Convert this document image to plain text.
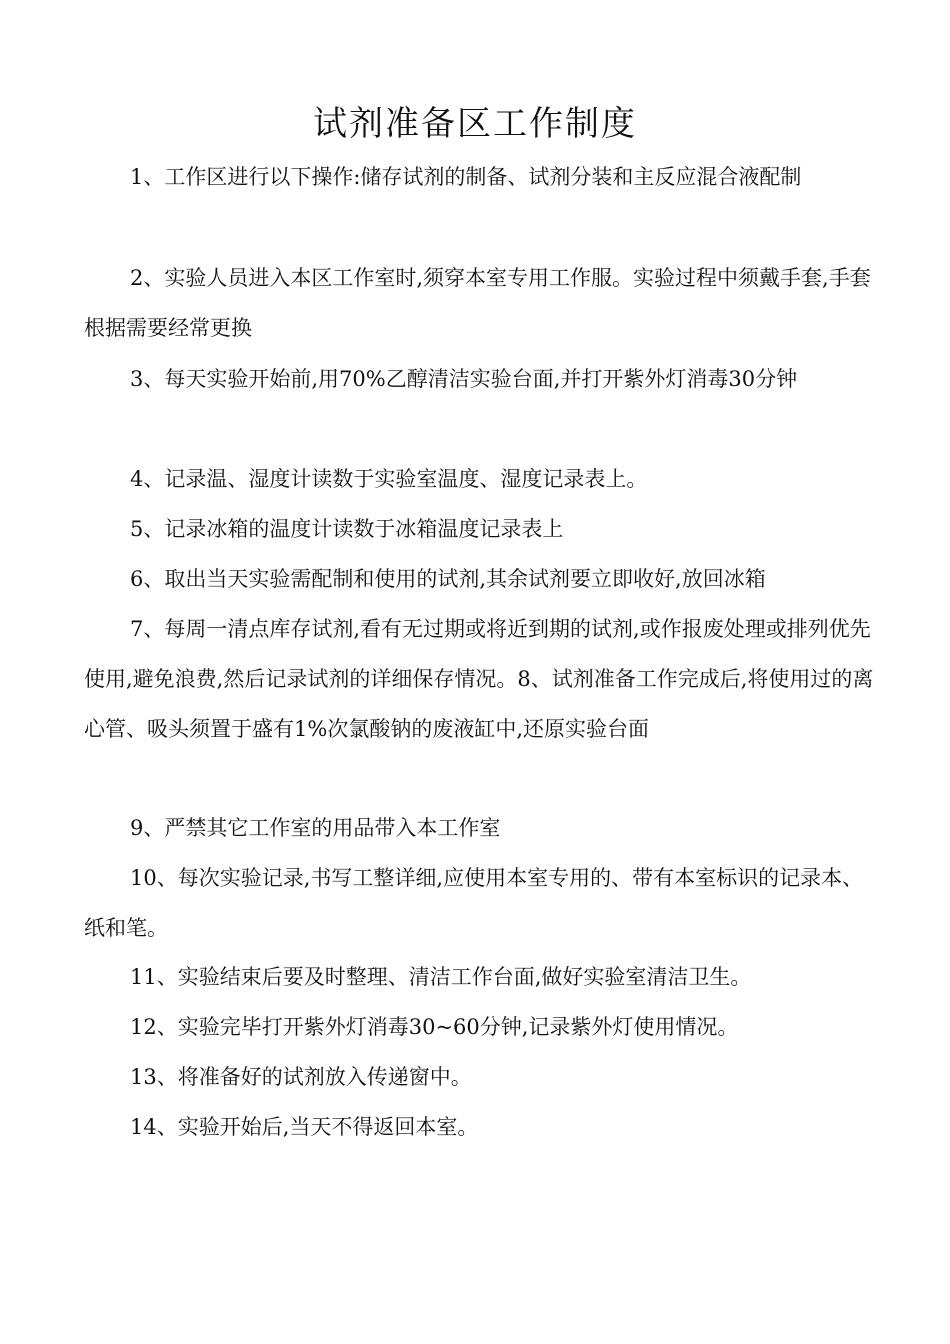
试剂准备区工作制度

1、工作区进行以下操作:储存试剂的制备、试剂分装和主反应混合液配制

2、实验人员进入本区工作室时,须穿本室专用工作服。实验过程中须戴手套,手套根据需要经常更换

3、每天实验开始前,用70%乙醇清洁实验台面,并打开紫外灯消毒30分钟

4、记录温、湿度计读数于实验室温度、湿度记录表上。

5、记录冰箱的温度计读数于冰箱温度记录表上

6、取出当天实验需配制和使用的试剂,其余试剂要立即收好,放回冰箱

7、每周一清点库存试剂,看有无过期或将近到期的试剂,或作报废处理或排列优先使用,避免浪费,然后记录试剂的详细保存情况。8、试剂准备工作完成后,将使用过的离心管、吸头须置于盛有1%次氯酸钠的废液缸中,还原实验台面

9、严禁其它工作室的用品带入本工作室

10、每次实验记录,书写工整详细,应使用本室专用的、带有本室标识的记录本、纸和笔。

11、实验结束后要及时整理、清洁工作台面,做好实验室清洁卫生。

12、实验完毕打开紫外灯消毒30~60分钟,记录紫外灯使用情况。

13、将准备好的试剂放入传递窗中。

14、实验开始后,当天不得返回本室。
